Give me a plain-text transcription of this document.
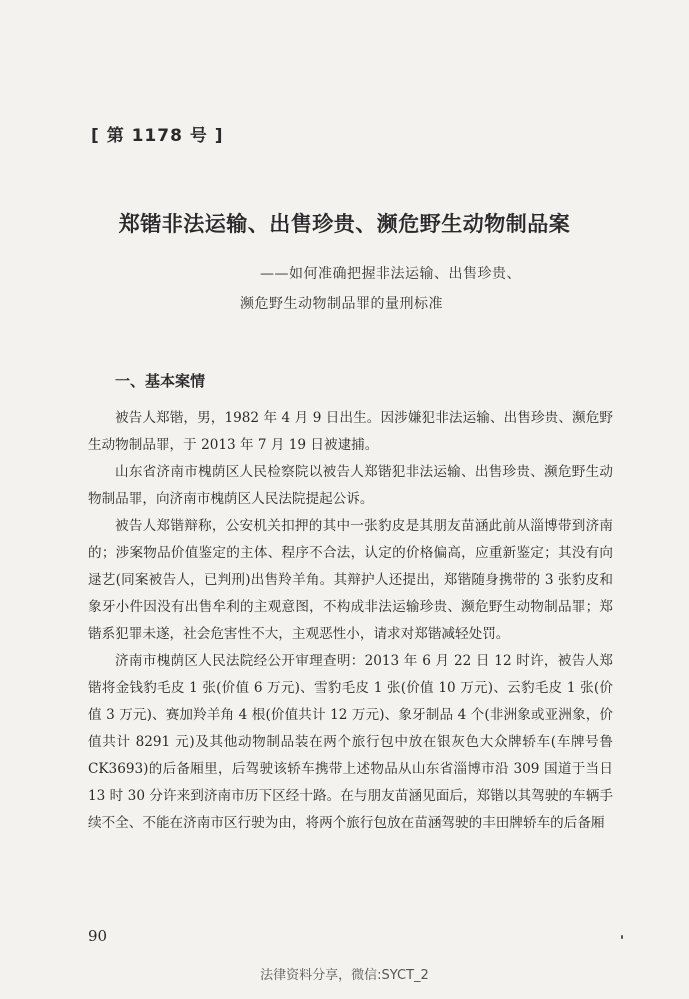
[ 第 1178 号 ]
郑锴非法运输、出售珍贵、濒危野生动物制品案
——如何准确把握非法运输、出售珍贵、
濒危野生动物制品罪的量刑标准
一、基本案情

被告人郑锴，男，1982 年 4 月 9 日出生。因涉嫌犯非法运输、出售珍贵、濒危野生动物制品罪，于 2013 年 7 月 19 日被逮捕。

山东省济南市槐荫区人民检察院以被告人郑锴犯非法运输、出售珍贵、濒危野生动物制品罪，向济南市槐荫区人民法院提起公诉。

被告人郑锴辩称，公安机关扣押的其中一张豹皮是其朋友苗涵此前从淄博带到济南的；涉案物品价值鉴定的主体、程序不合法，认定的价格偏高，应重新鉴定；其没有向逯艺(同案被告人，已判刑)出售羚羊角。其辩护人还提出，郑锴随身携带的 3 张豹皮和象牙小件因没有出售牟利的主观意图，不构成非法运输珍贵、濒危野生动物制品罪；郑锴系犯罪未遂，社会危害性不大，主观恶性小，请求对郑锴减轻处罚。

济南市槐荫区人民法院经公开审理查明：2013 年 6 月 22 日 12 时许，被告人郑锴将金钱豹毛皮 1 张(价值 6 万元)、雪豹毛皮 1 张(价值 10 万元)、云豹毛皮 1 张(价值 3 万元)、赛加羚羊角 4 根(价值共计 12 万元)、象牙制品 4 个(非洲象或亚洲象，价值共计 8291 元)及其他动物制品装在两个旅行包中放在银灰色大众牌轿车(车牌号鲁 CK3693)的后备厢里，后驾驶该轿车携带上述物品从山东省淄博市沿 309 国道于当日 13 时 30 分许来到济南市历下区经十路。在与朋友苗涵见面后，郑锴以其驾驶的车辆手续不全、不能在济南市区行驶为由，将两个旅行包放在苗涵驾驶的丰田牌轿车的后备厢

90
法律资料分享，微信:SYCT_2
